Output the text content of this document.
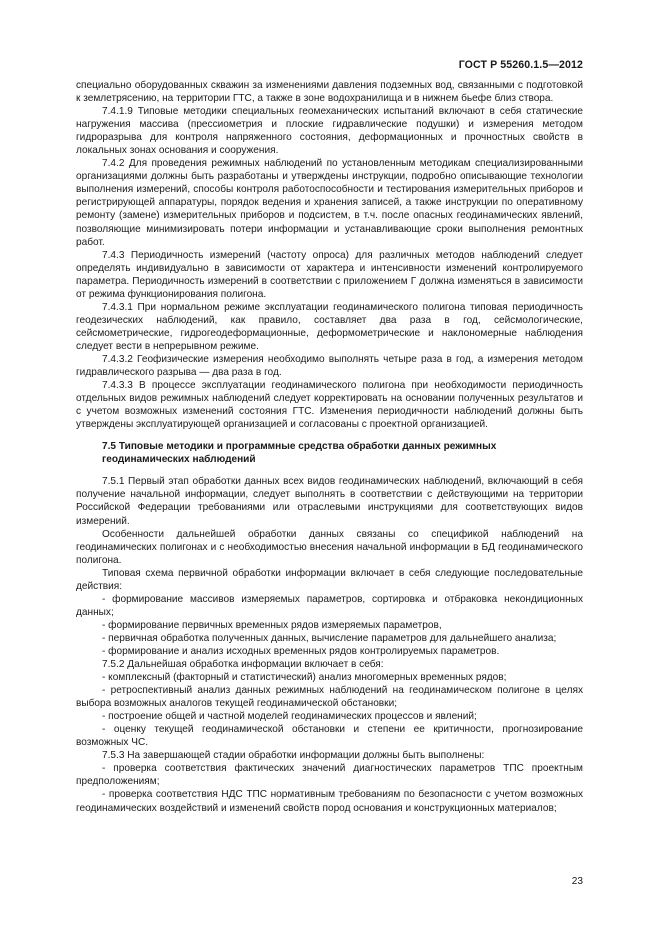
ГОСТ Р 55260.1.5—2012

специально оборудованных скважин за изменениями давления подземных вод, связанными с подготовкой к землетрясению, на территории ГТС, а также в зоне водохранилища и в нижнем бьефе близ створа.

7.4.1.9 Типовые методики специальных геомеханических испытаний включают в себя статические нагружения массива (прессиометрия и плоские гидравлические подушки) и измерения методом гидроразрыва для контроля напряженного состояния, деформационных и прочностных свойств в локальных зонах основания и сооружения.

7.4.2 Для проведения режимных наблюдений по установленным методикам специализированными организациями должны быть разработаны и утверждены инструкции, подробно описывающие технологии выполнения измерений, способы контроля работоспособности и тестирования измерительных приборов и регистрирующей аппаратуры, порядок ведения и хранения записей, а также инструкции по оперативному ремонту (замене) измерительных приборов и подсистем, в т.ч. после опасных геодинамических явлений, позволяющие минимизировать потери информации и устанавливающие сроки выполнения ремонтных работ.

7.4.3 Периодичность измерений (частоту опроса) для различных методов наблюдений следует определять индивидуально в зависимости от характера и интенсивности изменений контролируемого параметра. Периодичность измерений в соответствии с приложением Г должна изменяться в зависимости от режима функционирования полигона.

7.4.3.1 При нормальном режиме эксплуатации геодинамического полигона типовая периодичность геодезических наблюдений, как правило, составляет два раза в год, сейсмологические, сейсмометрические, гидрогеодеформационные, деформометрические и наклономерные наблюдения следует вести в непрерывном режиме.

7.4.3.2 Геофизические измерения необходимо выполнять четыре раза в год, а измерения методом гидравлического разрыва — два раза в год.

7.4.3.3 В процессе эксплуатации геодинамического полигона при необходимости периодичность отдельных видов режимных наблюдений следует корректировать на основании полученных результатов и с учетом возможных изменений состояния ГТС. Изменения периодичности наблюдений должны быть утверждены эксплуатирующей организацией и согласованы с проектной организацией.

7.5 Типовые методики и программные средства обработки данных режимных геодинамических наблюдений

7.5.1 Первый этап обработки данных всех видов геодинамических наблюдений, включающий в себя получение начальной информации, следует выполнять в соответствии с действующими на территории Российской Федерации требованиями или отраслевыми инструкциями для соответствующих видов измерений.

Особенности дальнейшей обработки данных связаны со спецификой наблюдений на геодинамических полигонах и с необходимостью внесения начальной информации в БД геодинамического полигона.

Типовая схема первичной обработки информации включает в себя следующие последовательные действия:

- формирование массивов измеряемых параметров, сортировка и отбраковка некондиционных данных;

- формирование первичных временных рядов измеряемых параметров,

- первичная обработка полученных данных, вычисление параметров для дальнейшего анализа;

- формирование и анализ исходных временных рядов контролируемых параметров.

7.5.2 Дальнейшая обработка информации включает в себя:

- комплексный (факторный и статистический) анализ многомерных временных рядов;

- ретроспективный анализ данных режимных наблюдений на геодинамическом полигоне в целях выбора возможных аналогов текущей геодинамической обстановки;

- построение общей и частной моделей геодинамических процессов и явлений;

- оценку текущей геодинамической обстановки и степени ее критичности, прогнозирование возможных ЧС.

7.5.3 На завершающей стадии обработки информации должны быть выполнены:

- проверка соответствия фактических значений диагностических параметров ТПС проектным предположениям;

- проверка соответствия НДС ТПС нормативным требованиям по безопасности с учетом возможных геодинамических воздействий и изменений свойств пород основания и конструкционных материалов;

23
